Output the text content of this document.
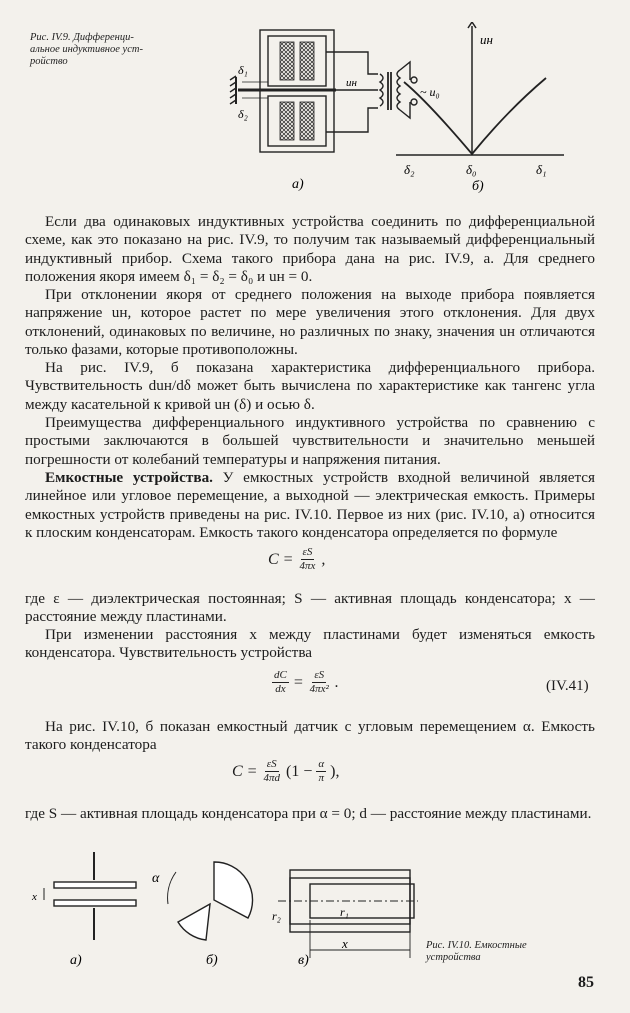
Рис. IV.9. Дифференци-
альное индуктивное уст-
ройство
δ₁
δ₂
uн
~ u₀
а)
uн
δ₂	δ₀	δ₁
б)
Если два одинаковых индуктивных устройства соединить по дифференциальной схеме, как это показано на рис. IV.9, то получим так называемый дифференциальный индуктивный прибор. Схема такого прибора дана на рис. IV.9, а. Для среднего положения якоря имеем δ₁ = δ₂ = δ₀ и uн = 0.
При отклонении якоря от среднего положения на выходе прибора появляется напряжение uн, которое растет по мере увеличения этого отклонения. Для двух отклонений, одинаковых по величине, но различных по знаку, значения uн отличаются только фазами, которые противоположны.
На рис. IV.9, б показана характеристика дифференциального прибора. Чувствительность duн/dδ может быть вычислена по характеристике как тангенс угла между касательной к кривой uн (δ) и осью δ.
Преимущества дифференциального индуктивного устройства по сравнению с простыми заключаются в большей чувствительности и значительно меньшей погрешности от колебаний температуры и напряжения питания.
Емкостные устройства. У емкостных устройств входной величиной является линейное или угловое перемещение, а выходной — электрическая емкость. Примеры емкостных устройств приведены на рис. IV.10. Первое из них (рис. IV.10, а) относится к плоским конденсаторам. Емкость такого конденсатора определяется по формуле
$C = \frac{\varepsilon S}{4\pi x}$ ,
где ε — диэлектрическая постоянная; S — активная площадь конденсатора; x — расстояние между пластинами.
При изменении расстояния x между пластинами будет изменяться емкость конденсатора. Чувствительность устройства
$\frac{dC}{dx} = \frac{\varepsilon S}{\text{4πx²}}$ .	(IV.41)
На рис. IV.10, б показан емкостный датчик с угловым перемещением α. Емкость такого конденсатора
$C = \frac{\varepsilon S}{4\pi d} (1 - \frac{\alpha}{\pi}$ ),
где S — активная площадь конденсатора при α = 0; d — расстояние между пластинами.
x
а)
α
б)
r₂	r₁
x
в)
Рис. IV.10. Емкостные
устройства
85
